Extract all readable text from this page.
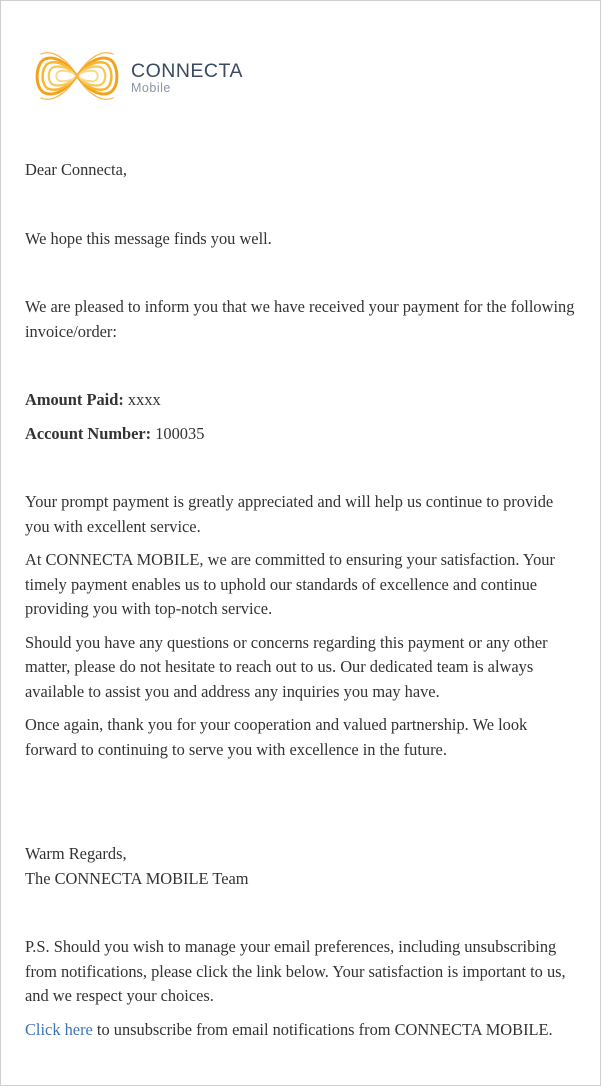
CONNECTA
Mobile

Dear Connecta,

We hope this message finds you well.

We are pleased to inform you that we have received your payment for the following invoice/order:

Amount Paid: xxxx

Account Number: 100035

Your prompt payment is greatly appreciated and will help us continue to provide you with excellent service.

At CONNECTA MOBILE, we are committed to ensuring your satisfaction. Your timely payment enables us to uphold our standards of excellence and continue providing you with top-notch service.

Should you have any questions or concerns regarding this payment or any other matter, please do not hesitate to reach out to us. Our dedicated team is always available to assist you and address any inquiries you may have.

Once again, thank you for your cooperation and valued partnership. We look forward to continuing to serve you with excellence in the future.

Warm Regards,
The CONNECTA MOBILE Team

P.S. Should you wish to manage your email preferences, including unsubscribing from notifications, please click the link below. Your satisfaction is important to us, and we respect your choices.

Click here to unsubscribe from email notifications from CONNECTA MOBILE.
